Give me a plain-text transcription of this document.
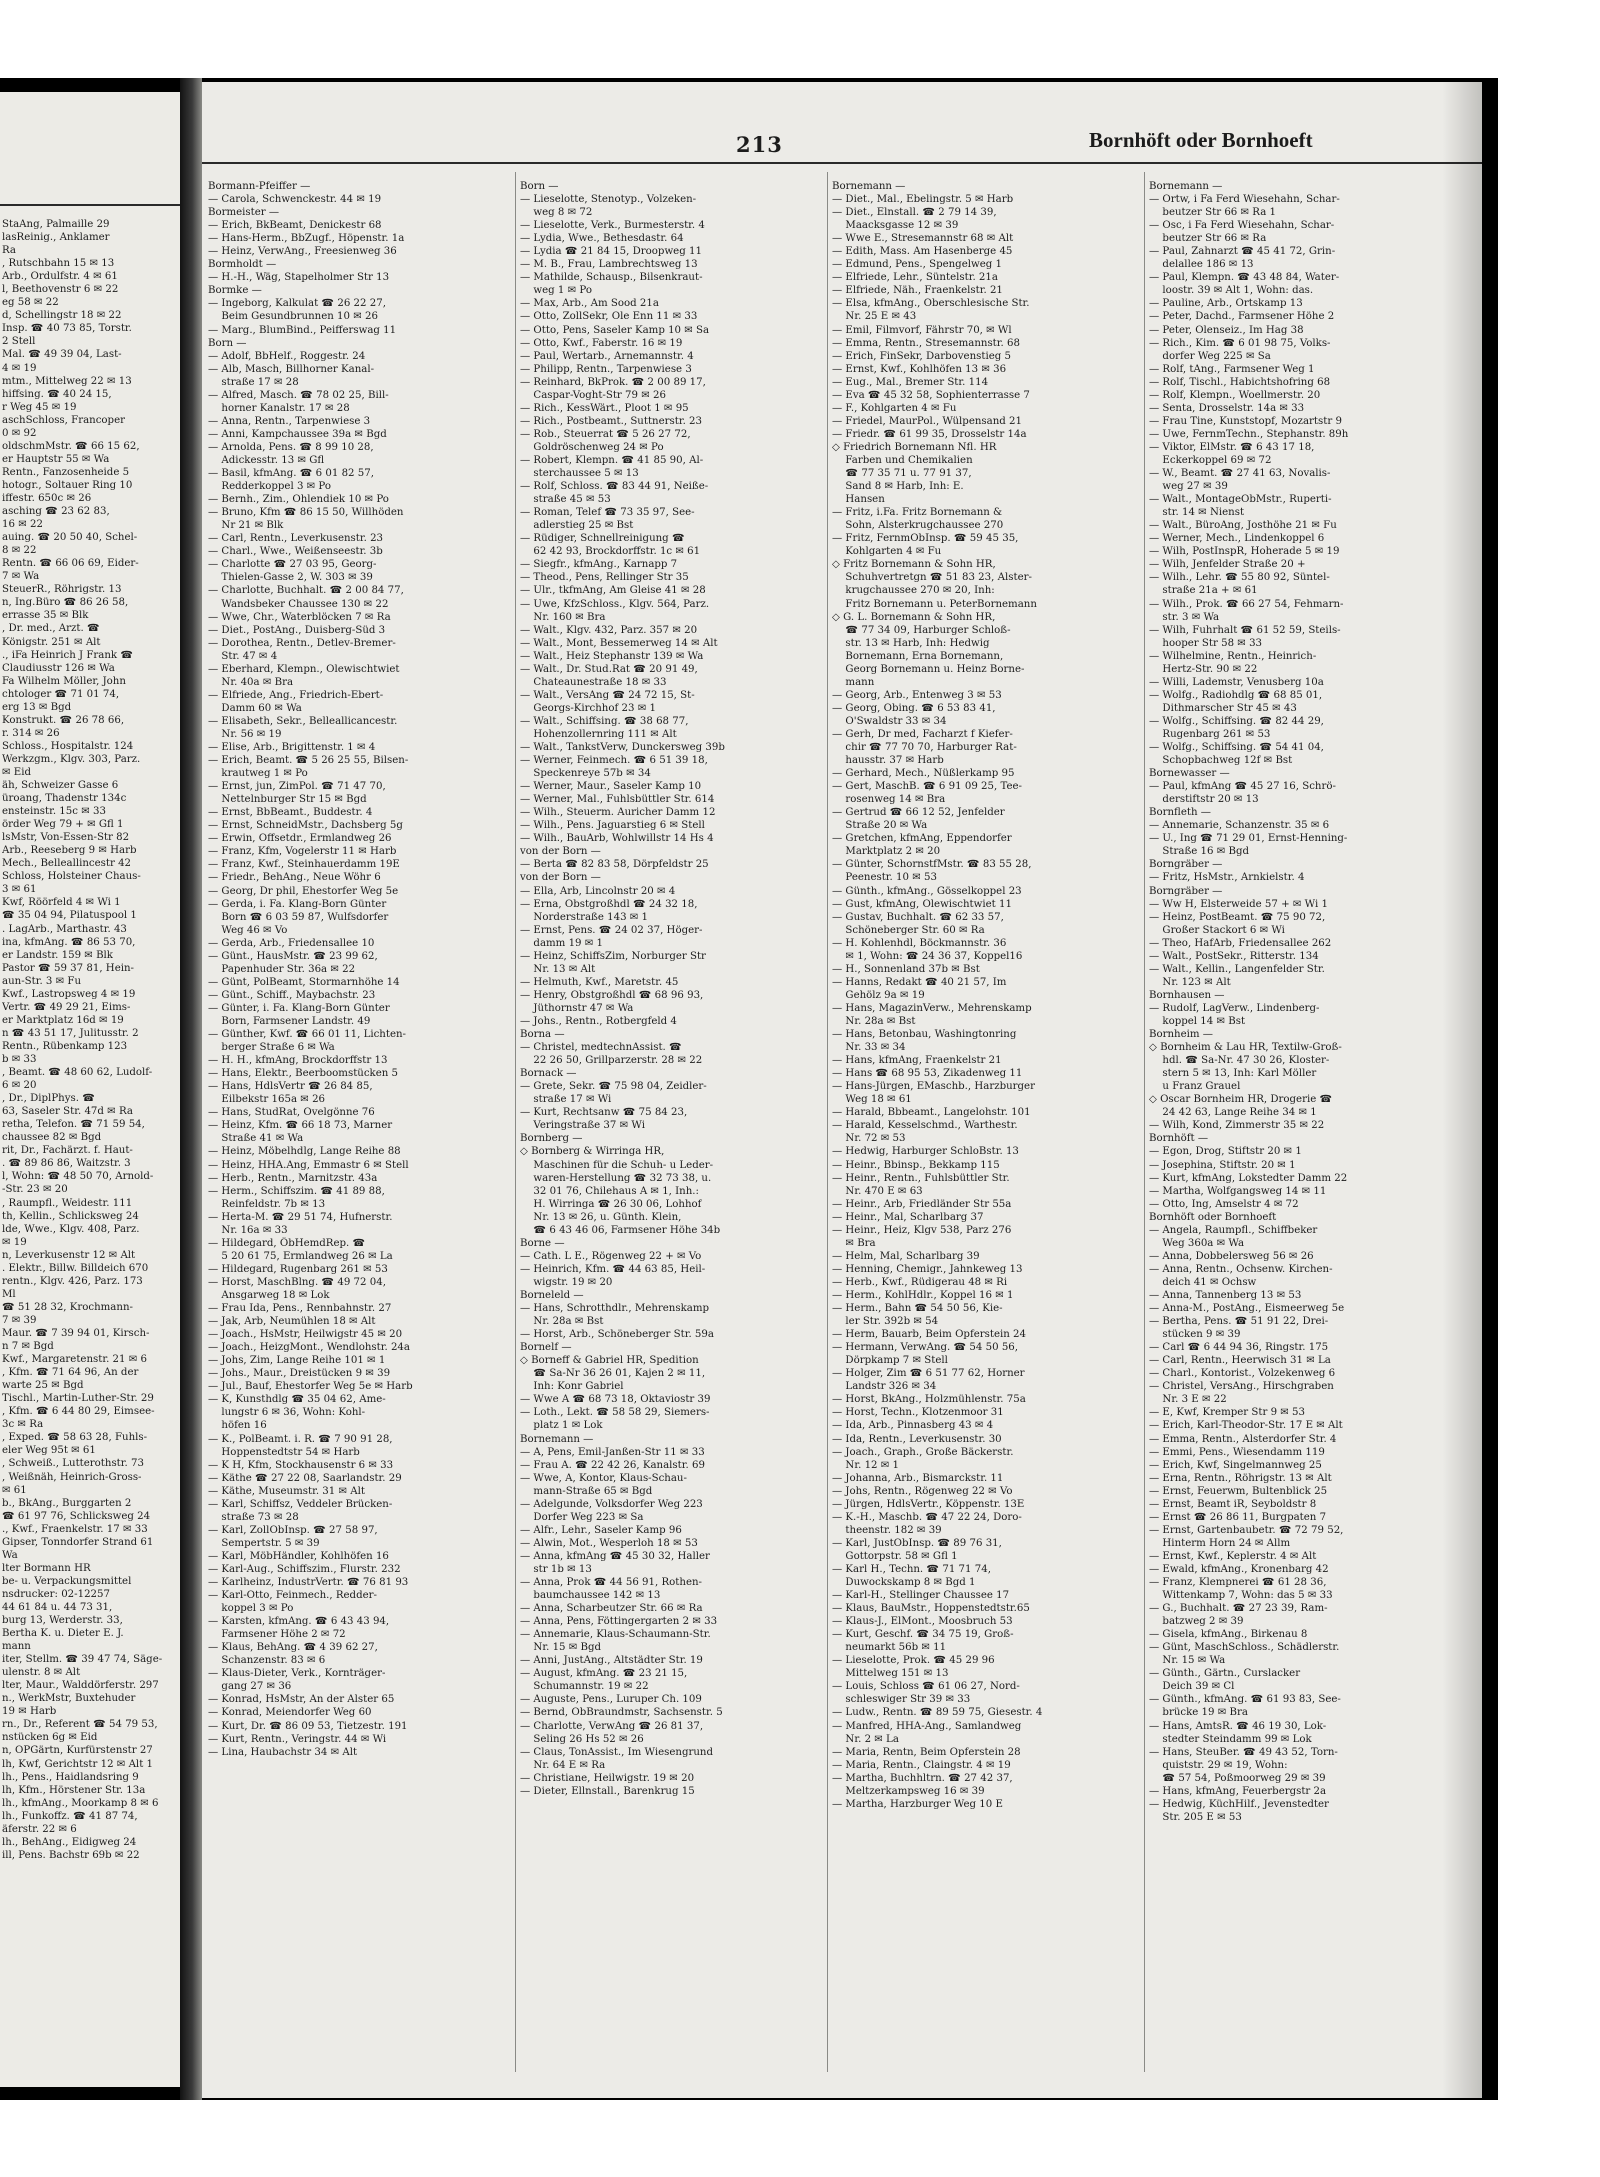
StaAng, Palmaille 29
lasReinig., Anklamer
Ra
, Rutschbahn 15 ✉ 13
Arb., Ordulfstr. 4 ✉ 61
l, Beethovenstr 6 ✉ 22
eg 58 ✉ 22
d, Schellingstr 18 ✉ 22
Insp. ☎ 40 73 85, Torstr.
2 Stell
Mal. ☎ 49 39 04, Last-
4 ✉ 19
mtm., Mittelweg 22 ✉ 13
hiffsing. ☎ 40 24 15,
r Weg 45 ✉ 19
aschSchloss, Francoper
0 ✉ 92
oldschmMstr. ☎ 66 15 62,
er Hauptstr 55 ✉ Wa
Rentn., Fanzosenheide 5
hotogr., Soltauer Ring 10
iffestr. 650c ✉ 26
asching ☎ 23 62 83,
16 ✉ 22
auing. ☎ 20 50 40, Schel-
8 ✉ 22
Rentn. ☎ 66 06 69, Eider-
7 ✉ Wa
SteuerR., Röhrigstr. 13
n, Ing.Büro ☎ 86 26 58,
errasse 35 ✉ Blk
, Dr. med., Arzt. ☎
Königstr. 251 ✉ Alt
., iFa Heinrich J Frank ☎
Claudiusstr 126 ✉ Wa
Fa Wilhelm Möller, John
chtologer ☎ 71 01 74,
erg 13 ✉ Bgd
Konstrukt. ☎ 26 78 66,
r. 314 ✉ 26
Schloss., Hospitalstr. 124
Werkzgm., Klgv. 303, Parz.
✉ Eid
äh, Schweizer Gasse 6
üroang, Thadenstr 134c
ensteinstr. 15c ✉ 33
örder Weg 79 + ✉ Gfl 1
lsMstr, Von-Essen-Str 82
Arb., Reeseberg 9 ✉ Harb
Mech., Belleallincestr 42
Schloss, Holsteiner Chaus-
3 ✉ 61
Kwf, Röörfeld 4 ✉ Wi 1
☎ 35 04 94, Pilatuspool 1
. LagArb., Marthastr. 43
ina, kfmAng. ☎ 86 53 70,
er Landstr. 159 ✉ Blk
Pastor ☎ 59 37 81, Hein-
aun-Str. 3 ✉ Fu
Kwf., Lastropsweg 4 ✉ 19
Vertr. ☎ 49 29 21, Eims-
er Marktplatz 16d ✉ 19
n ☎ 43 51 17, Julitusstr. 2
Rentn., Rübenkamp 123
b ✉ 33
, Beamt. ☎ 48 60 62, Ludolf-
6 ✉ 20
, Dr., DiplPhys. ☎
63, Saseler Str. 47d ✉ Ra
retha, Telefon. ☎ 71 59 54,
chaussee 82 ✉ Bgd
rit, Dr., Fachärzt. f. Haut-
. ☎ 89 86 86, Waitzstr. 3
l, Wohn: ☎ 48 50 70, Arnold-
-Str. 23 ✉ 20
, Raumpfl., Weidestr. 111
th, Kellin., Schlicksweg 24
lde, Wwe., Klgv. 408, Parz.
✉ 19
n, Leverkusenstr 12 ✉ Alt
. Elektr., Billw. Billdeich 670
rentn., Klgv. 426, Parz. 173
Ml
☎ 51 28 32, Krochmann-
7 ✉ 39
Maur. ☎ 7 39 94 01, Kirsch-
n 7 ✉ Bgd
Kwf., Margaretenstr. 21 ✉ 6
, Kfm. ☎ 71 64 96, An der
warte 25 ✉ Bgd
Tischl., Martin-Luther-Str. 29
, Kfm. ☎ 6 44 80 29, Eimsee-
3c ✉ Ra
, Exped. ☎ 58 63 28, Fuhls-
eler Weg 95t ✉ 61
, Schweiß., Lutterothstr. 73
, Weißnäh, Heinrich-Gross-
✉ 61
b., BkAng., Burggarten 2
☎ 61 97 76, Schlicksweg 24
., Kwf., Fraenkelstr. 17 ✉ 33
Gipser, Tonndorfer Strand 61
Wa
lter Bormann HR
be- u. Verpackungsmittel
nsdrucker: 02-12257
44 61 84 u. 44 73 31,
burg 13, Werderstr. 33,
Bertha K. u. Dieter E. J.
mann
iter, Stellm. ☎ 39 47 74, Säge-
ulenstr. 8 ✉ Alt
lter, Maur., Walddörferstr. 297
n., WerkMstr, Buxtehuder
19 ✉ Harb
rn., Dr., Referent ☎ 54 79 53,
nstücken 6g ✉ Eid
n, OPGärtn, Kurfürstenstr 27
lh, Kwf, Gerichtstr 12 ✉ Alt 1
lh., Pens., Haidlandsring 9
lh, Kfm., Hörstener Str. 13a
lh., kfmAng., Moorkamp 8 ✉ 6
lh., Funkoffz. ☎ 41 87 74,
äferstr. 22 ✉ 6
lh., BehAng., Eidigweg 24
ill, Pens. Bachstr 69b ✉ 22
213	Bornhöft oder Bornhoeft
Bormann-Pfeiffer —
— Carola, Schwenckestr. 44 ✉ 19
Bormeister —
— Erich, BkBeamt, Denickestr 68
— Hans-Herm., BbZugf., Höpenstr. 1a
— Heinz, VerwAng., Freesienweg 36
Bormholdt —
— H.-H., Wäg, Stapelholmer Str 13
Bormke —
— Ingeborg, Kalkulat ☎ 26 22 27,
  Beim Gesundbrunnen 10 ✉ 26
— Marg., BlumBind., Peifferswag 11
Born —
— Adolf, BbHelf., Roggestr. 24
— Alb, Masch, Billhorner Kanal-
  straße 17 ✉ 28
— Alfred, Masch. ☎ 78 02 25, Bill-
  horner Kanalstr. 17 ✉ 28
— Anna, Rentn., Tarpenwiese 3
— Anni, Kampchaussee 39a ✉ Bgd
— Arnolda, Pens. ☎ 8 99 10 28,
  Adickesstr. 13 ✉ Gfl
— Basil, kfmAng. ☎ 6 01 82 57,
  Redderkoppel 3 ✉ Po
— Bernh., Zim., Ohlendiek 10 ✉ Po
— Bruno, Kfm ☎ 86 15 50, Willhöden
  Nr 21 ✉ Blk
— Carl, Rentn., Leverkusenstr. 23
— Charl., Wwe., Weißenseestr. 3b
— Charlotte ☎ 27 03 95, Georg-
  Thielen-Gasse 2, W. 303 ✉ 39
— Charlotte, Buchhalt. ☎ 2 00 84 77,
  Wandsbeker Chaussee 130 ✉ 22
— Wwe, Chr., Waterblöcken 7 ✉ Ra
— Diet., PostAng., Duisberg-Süd 3
— Dorothea, Rentn., Detlev-Bremer-
  Str. 47 ✉ 4
— Eberhard, Klempn., Olewischtwiet
  Nr. 40a ✉ Bra
— Elfriede, Ang., Friedrich-Ebert-
  Damm 60 ✉ Wa
— Elisabeth, Sekr., Belleallicancestr.
  Nr. 56 ✉ 19
— Elise, Arb., Brigittenstr. 1 ✉ 4
— Erich, Beamt. ☎ 5 26 25 55, Bilsen-
  krautweg 1 ✉ Po
— Ernst, jun, ZimPol. ☎ 71 47 70,
  Nettelnburger Str 15 ✉ Bgd
— Ernst, BbBeamt., Buddestr. 4
— Ernst, SchneidMstr., Dachsberg 5g
— Erwin, Offsetdr., Ermlandweg 26
— Franz, Kfm, Vogelerstr 11 ✉ Harb
— Franz, Kwf., Steinhauerdamm 19E
— Friedr., BehAng., Neue Wöhr 6
— Georg, Dr phil, Ehestorfer Weg 5e
— Gerda, i. Fa. Klang-Born Günter
  Born ☎ 6 03 59 87, Wulfsdorfer
  Weg 46 ✉ Vo
— Gerda, Arb., Friedensallee 10
— Günt., HausMstr. ☎ 23 99 62,
  Papenhuder Str. 36a ✉ 22
— Günt, PolBeamt, Stormarnhöhe 14
— Günt., Schiff., Maybachstr. 23
— Günter, i. Fa. Klang-Born Günter
  Born, Farmsener Landstr. 49
— Günther, Kwf. ☎ 66 01 11, Lichten-
  berger Straße 6 ✉ Wa
— H. H., kfmAng, Brockdorffstr 13
— Hans, Elektr., Beerboomstücken 5
— Hans, HdlsVertr ☎ 26 84 85,
  Eilbekstr 165a ✉ 26
— Hans, StudRat, Ovelgönne 76
— Heinz, Kfm. ☎ 66 18 73, Marner
  Straße 41 ✉ Wa
— Heinz, Möbelhdlg, Lange Reihe 88
— Heinz, HHA.Ang, Emmastr 6 ✉ Stell
— Herb., Rentn., Marnitzstr. 43a
— Herm., Schiffszim. ☎ 41 89 88,
  Reinfeldstr. 7b ✉ 13
— Herta-M. ☎ 29 51 74, Hufnerstr.
  Nr. 16a ✉ 33
— Hildegard, ÖbHemdRep. ☎
  5 20 61 75, Ermlandweg 26 ✉ La
— Hildegard, Rugenbarg 261 ✉ 53
— Horst, MaschBlng. ☎ 49 72 04,
  Ansgarweg 18 ✉ Lok
— Frau Ida, Pens., Rennbahnstr. 27
— Jak, Arb, Neumühlen 18 ✉ Alt
— Joach., HsMstr, Heilwigstr 45 ✉ 20
— Joach., HeizgMont., Wendlohstr. 24a
— Johs, Zim, Lange Reihe 101 ✉ 1
— Johs., Maur., Dreistücken 9 ✉ 39
— Jul., Bauf, Ehestorfer Weg 5e ✉ Harb
— K, Kunsthdlg ☎ 35 04 62, Ame-
  lungstr 6 ✉ 36, Wohn: Kohl-
  höfen 16
— K., PolBeamt. i. R. ☎ 7 90 91 28,
  Hoppenstedtstr 54 ✉ Harb
— K H, Kfm, Stockhausenstr 6 ✉ 33
— Käthe ☎ 27 22 08, Saarlandstr. 29
— Käthe, Museumstr. 31 ✉ Alt
— Karl, Schiffsz, Veddeler Brücken-
  straße 73 ✉ 28
— Karl, ZollObInsp. ☎ 27 58 97,
  Sempertstr. 5 ✉ 39
— Karl, MöbHändler, Kohlhöfen 16
— Karl-Aug., Schiffszim., Flurstr. 232
— Karlheinz, IndustrVertr. ☎ 76 81 93
— Karl-Otto, Feinmech., Redder-
  koppel 3 ✉ Po
— Karsten, kfmAng. ☎ 6 43 43 94,
  Farmsener Höhe 2 ✉ 72
— Klaus, BehAng. ☎ 4 39 62 27,
  Schanzenstr. 83 ✉ 6
— Klaus-Dieter, Verk., Kornträger-
  gang 27 ✉ 36
— Konrad, HsMstr, An der Alster 65
— Konrad, Meiendorfer Weg 60
— Kurt, Dr. ☎ 86 09 53, Tietzestr. 191
— Kurt, Rentn., Veringstr. 44 ✉ Wi
— Lina, Haubachstr 34 ✉ Alt
Born —
— Lieselotte, Stenotyp., Volzeken-
  weg 8 ✉ 72
— Lieselotte, Verk., Burmesterstr. 4
— Lydia, Wwe., Bethesdastr. 64
— Lydia ☎ 21 84 15, Droopweg 11
— M. B., Frau, Lambrechtsweg 13
— Mathilde, Schausp., Bilsenkraut-
  weg 1 ✉ Po
— Max, Arb., Am Sood 21a
— Otto, ZollSekr, Ole Enn 11 ✉ 33
— Otto, Pens, Saseler Kamp 10 ✉ Sa
— Otto, Kwf., Faberstr. 16 ✉ 19
— Paul, Wertarb., Arnemannstr. 4
— Philipp, Rentn., Tarpenwiese 3
— Reinhard, BkProk. ☎ 2 00 89 17,
  Caspar-Voght-Str 79 ✉ 26
— Rich., KessWärt., Ploot 1 ✉ 95
— Rich., Postbeamt., Suttnerstr. 23
— Rob., Steuerrat ☎ 5 26 27 72,
  Goldröschenweg 24 ✉ Po
— Robert, Klempn. ☎ 41 85 90, Al-
  sterchaussee 5 ✉ 13
— Rolf, Schloss. ☎ 83 44 91, Neiße-
  straße 45 ✉ 53
— Roman, Telef ☎ 73 35 97, See-
  adlerstieg 25 ✉ Bst
— Rüdiger, Schnellreinigung ☎
  62 42 93, Brockdorffstr. 1c ✉ 61
— Siegfr., kfmAng., Karnapp 7
— Theod., Pens, Rellinger Str 35
— Ulr., tkfmAng, Am Gleise 41 ✉ 28
— Uwe, KfzSchloss., Klgv. 564, Parz.
  Nr. 160 ✉ Bra
— Walt., Klgv. 432, Parz. 357 ✉ 20
— Walt., Mont, Bessemerweg 14 ✉ Alt
— Walt., Heiz Stephanstr 139 ✉ Wa
— Walt., Dr. Stud.Rat ☎ 20 91 49,
  Chateaunestraße 18 ✉ 33
— Walt., VersAng ☎ 24 72 15, St-
  Georgs-Kirchhof 23 ✉ 1
— Walt., Schiffsing. ☎ 38 68 77,
  Hohenzollernring 111 ✉ Alt
— Walt., TankstVerw, Dunckersweg 39b
— Werner, Feinmech. ☎ 6 51 39 18,
  Speckenreye 57b ✉ 34
— Werner, Maur., Saseler Kamp 10
— Werner, Mal., Fuhlsbüttler Str. 614
— Wilh., Steuerm. Auricher Damm 12
— Wilh., Pens. Jaguarstieg 6 ✉ Stell
— Wilh., BauArb, Wohlwillstr 14 Hs 4
von der Born —
— Berta ☎ 82 83 58, Dörpfeldstr 25
von der Born —
— Ella, Arb, Lincolnstr 20 ✉ 4
— Erna, Obstgroßhdl ☎ 24 32 18,
  Norderstraße 143 ✉ 1
— Ernst, Pens. ☎ 24 02 37, Höger-
  damm 19 ✉ 1
— Heinz, SchiffsZim, Norburger Str
  Nr. 13 ✉ Alt
— Helmuth, Kwf., Maretstr. 45
— Henry, Obstgroßhdl ☎ 68 96 93,
  Jüthornstr 47 ✉ Wa
— Johs., Rentn., Rotbergfeld 4
Borna —
— Christel, medtechnAssist. ☎
  22 26 50, Grillparzerstr. 28 ✉ 22
Bornack —
— Grete, Sekr. ☎ 75 98 04, Zeidler-
  straße 17 ✉ Wi
— Kurt, Rechtsanw ☎ 75 84 23,
  Veringstraße 37 ✉ Wi
Bornberg —
◇ Bornberg & Wirringa HR,
  Maschinen für die Schuh- u Leder-
  waren-Herstellung ☎ 32 73 38, u.
  32 01 76, Chilehaus A ✉ 1, Inh.:
  H. Wirringa ☎ 26 30 06, Lohhof
  Nr. 13 ✉ 26, u. Günth. Klein,
  ☎ 6 43 46 06, Farmsener Höhe 34b
Borne —
— Cath. L E., Rögenweg 22 + ✉ Vo
— Heinrich, Kfm. ☎ 44 63 85, Heil-
  wigstr. 19 ✉ 20
Borneleld —
— Hans, Schrotthdlr., Mehrenskamp
  Nr. 28a ✉ Bst
— Horst, Arb., Schöneberger Str. 59a
Bornelf —
◇ Borneff & Gabriel HR, Spedition
  ☎ Sa-Nr 36 26 01, Kajen 2 ✉ 11,
  Inh: Konr Gabriel
— Wwe A ☎ 68 73 18, Oktaviostr 39
— Loth., Lekt. ☎ 58 58 29, Siemers-
  platz 1 ✉ Lok
Bornemann —
— A, Pens, Emil-Janßen-Str 11 ✉ 33
— Frau A. ☎ 22 42 26, Kanalstr. 69
— Wwe, A, Kontor, Klaus-Schau-
  mann-Straße 65 ✉ Bgd
— Adelgunde, Volksdorfer Weg 223
  Dorfer Weg 223 ✉ Sa
— Alfr., Lehr., Saseler Kamp 96
— Alwin, Mot., Wesperloh 18 ✉ 53
— Anna, kfmAng ☎ 45 30 32, Haller
  str 1b ✉ 13
— Anna, Prok ☎ 44 56 91, Rothen-
  baumchaussee 142 ✉ 13
— Anna, Scharbeutzer Str. 66 ✉ Ra
— Anna, Pens, Föttingergarten 2 ✉ 33
— Annemarie, Klaus-Schaumann-Str.
  Nr. 15 ✉ Bgd
— Anni, JustAng., Altstädter Str. 19
— August, kfmAng. ☎ 23 21 15,
  Schumannstr. 19 ✉ 22
— Auguste, Pens., Luruper Ch. 109
— Bernd, ObBraundmstr, Sachsenstr. 5
— Charlotte, VerwAng ☎ 26 81 37,
  Seling 26 Hs 52 ✉ 26
— Claus, TonAssist., Im Wiesengrund
  Nr. 64 E ✉ Ra
— Christiane, Heilwigstr. 19 ✉ 20
— Dieter, Ellnstall., Barenkrug 15
Bornemann —
— Diet., Mal., Ebelingstr. 5 ✉ Harb
— Diet., Elnstall. ☎ 2 79 14 39,
  Maacksgasse 12 ✉ 39
— Wwe E., Stresemannstr 68 ✉ Alt
— Edith, Mass. Am Hasenberge 45
— Edmund, Pens., Spengelweg 1
— Elfriede, Lehr., Süntelstr. 21a
— Elfriede, Näh., Fraenkelstr. 21
— Elsa, kfmAng., Oberschlesische Str.
  Nr. 25 E ✉ 43
— Emil, Filmvorf, Fährstr 70, ✉ Wl
— Emma, Rentn., Stresemannstr. 68
— Erich, FinSekr, Darbovenstieg 5
— Ernst, Kwf., Kohlhöfen 13 ✉ 36
— Eug., Mal., Bremer Str. 114
— Eva ☎ 45 32 58, Sophienterrasse 7
— F., Kohlgarten 4 ✉ Fu
— Friedel, MaurPol., Wülpensand 21
— Friedr. ☎ 61 99 35, Drosselstr 14a
◇ Friedrich Bornemann Nfl. HR
  Farben und Chemikalien
  ☎ 77 35 71 u. 77 91 37,
  Sand 8 ✉ Harb, Inh: E.
  Hansen
— Fritz, i.Fa. Fritz Bornemann &
  Sohn, Alsterkrugchaussee 270
— Fritz, FernmObInsp. ☎ 59 45 35,
  Kohlgarten 4 ✉ Fu
◇ Fritz Bornemann & Sohn HR,
  Schuhvertretgn ☎ 51 83 23, Alster-
  krugchaussee 270 ✉ 20, Inh:
  Fritz Bornemann u. PeterBornemann
◇ G. L. Bornemann & Sohn HR,
  ☎ 77 34 09, Harburger Schloß-
  str. 13 ✉ Harb, Inh: Hedwig
  Bornemann, Erna Bornemann,
  Georg Bornemann u. Heinz Borne-
  mann
— Georg, Arb., Entenweg 3 ✉ 53
— Georg, Obing. ☎ 6 53 83 41,
  O'Swaldstr 33 ✉ 34
— Gerh, Dr med, Facharzt f Kiefer-
  chir ☎ 77 70 70, Harburger Rat-
  hausstr. 37 ✉ Harb
— Gerhard, Mech., Nüßlerkamp 95
— Gert, MaschB. ☎ 6 91 09 25, Tee-
  rosenweg 14 ✉ Bra
— Gertrud ☎ 66 12 52, Jenfelder
  Straße 20 ✉ Wa
— Gretchen, kfmAng, Eppendorfer
  Marktplatz 2 ✉ 20
— Günter, SchornstfMstr. ☎ 83 55 28,
  Peenestr. 10 ✉ 53
— Günth., kfmAng., Gösselkoppel 23
— Gust, kfmAng, Olewischtwiet 11
— Gustav, Buchhalt. ☎ 62 33 57,
  Schöneberger Str. 60 ✉ Ra
— H. Kohlenhdl, Böckmannstr. 36
  ✉ 1, Wohn: ☎ 24 36 37, Koppel16
— H., Sonnenland 37b ✉ Bst
— Hanns, Redakt ☎ 40 21 57, Im
  Gehölz 9a ✉ 19
— Hans, MagazinVerw., Mehrenskamp
  Nr. 28a ✉ Bst
— Hans, Betonbau, Washingtonring
  Nr. 33 ✉ 34
— Hans, kfmAng, Fraenkelstr 21
— Hans ☎ 68 95 53, Zikadenweg 11
— Hans-Jürgen, EMaschb., Harzburger
  Weg 18 ✉ 61
— Harald, Bbbeamt., Langelohstr. 101
— Harald, Kesselschmd., Warthestr.
  Nr. 72 ✉ 53
— Hedwig, Harburger SchloBstr. 13
— Heinr., Bbinsp., Bekkamp 115
— Heinr., Rentn., Fuhlsbüttler Str.
  Nr. 470 E ✉ 63
— Heinr., Arb, Friedländer Str 55a
— Heinr., Mal, Scharlbarg 37
— Heinr., Heiz, Klgv 538, Parz 276
  ✉ Bra
— Helm, Mal, Scharlbarg 39
— Henning, Chemigr., Jahnkeweg 13
— Herb., Kwf., Rüdigerau 48 ✉ Ri
— Herm., KohlHdlr., Koppel 16 ✉ 1
— Herm., Bahn ☎ 54 50 56, Kie-
  ler Str. 392b ✉ 54
— Herm, Bauarb, Beim Opferstein 24
— Hermann, VerwAng. ☎ 54 50 56,
  Dörpkamp 7 ✉ Stell
— Holger, Zim ☎ 6 51 77 62, Horner
  Landstr 326 ✉ 34
— Horst, BkAng., Holzmühlenstr. 75a
— Horst, Techn., Klotzenmoor 31
— Ida, Arb., Pinnasberg 43 ✉ 4
— Ida, Rentn., Leverkusenstr. 30
— Joach., Graph., Große Bäckerstr.
  Nr. 12 ✉ 1
— Johanna, Arb., Bismarckstr. 11
— Johs, Rentn., Rögenweg 22 ✉ Vo
— Jürgen, HdlsVertr., Köppenstr. 13E
— K.-H., Maschb. ☎ 47 22 24, Doro-
  theenstr. 182 ✉ 39
— Karl, JustObInsp. ☎ 89 76 31,
  Gottorpstr. 58 ✉ Gfl 1
— Karl H., Techn. ☎ 71 71 74,
  Duwockskamp 8 ✉ Bgd 1
— Karl-H., Stellinger Chaussee 17
— Klaus, BauMstr., Hoppenstedtstr.65
— Klaus-J., ElMont., Moosbruch 53
— Kurt, Geschf. ☎ 34 75 19, Groß-
  neumarkt 56b ✉ 11
— Lieselotte, Prok. ☎ 45 29 96
  Mittelweg 151 ✉ 13
— Louis, Schloss ☎ 61 06 27, Nord-
  schleswiger Str 39 ✉ 33
— Ludw., Rentn. ☎ 89 59 75, Giesestr. 4
— Manfred, HHA-Ang., Samlandweg
  Nr. 2 ✉ La
— Maria, Rentn, Beim Opferstein 28
— Maria, Rentn., Claingstr. 4 ✉ 19
— Martha, Buchhltrn. ☎ 27 42 37,
  Meltzerkampsweg 16 ✉ 39
— Martha, Harzburger Weg 10 E
Bornemann —
— Ortw, i Fa Ferd Wiesehahn, Schar-
  beutzer Str 66 ✉ Ra 1
— Osc, i Fa Ferd Wiesehahn, Schar-
  beutzer Str 66 ✉ Ra
— Paul, Zahnarzt ☎ 45 41 72, Grin-
  delallee 186 ✉ 13
— Paul, Klempn. ☎ 43 48 84, Water-
  loostr. 39 ✉ Alt 1, Wohn: das.
— Pauline, Arb., Ortskamp 13
— Peter, Dachd., Farmsener Höhe 2
— Peter, Olenseiz., Im Hag 38
— Rich., Kim. ☎ 6 01 98 75, Volks-
  dorfer Weg 225 ✉ Sa
— Rolf, tAng., Farmsener Weg 1
— Rolf, Tischl., Habichtshofring 68
— Rolf, Klempn., Woellmerstr. 20
— Senta, Drosselstr. 14a ✉ 33
— Frau Tine, Kunststopf, Mozartstr 9
— Uwe, FernmTechn., Stephanstr. 89h
— Viktor, ElMstr. ☎ 6 43 17 18,
  Eckerkoppel 69 ✉ 72
— W., Beamt. ☎ 27 41 63, Novalis-
  weg 27 ✉ 39
— Walt., MontageObMstr., Ruperti-
  str. 14 ✉ Nienst
— Walt., BüroAng, Josthöhe 21 ✉ Fu
— Werner, Mech., Lindenkoppel 6
— Wilh, PostInspR, Hoherade 5 ✉ 19
— Wilh, Jenfelder Straße 20 +
— Wilh., Lehr. ☎ 55 80 92, Süntel-
  straße 21a + ✉ 61
— Wilh., Prok. ☎ 66 27 54, Fehmarn-
  str. 3 ✉ Wa
— Wilh, Fuhrhalt ☎ 61 52 59, Steils-
  hooper Str 58 ✉ 33
— Wilhelmine, Rentn., Heinrich-
  Hertz-Str. 90 ✉ 22
— Willi, Lademstr, Venusberg 10a
— Wolfg., Radiohdlg ☎ 68 85 01,
  Dithmarscher Str 45 ✉ 43
— Wolfg., Schiffsing. ☎ 82 44 29,
  Rugenbarg 261 ✉ 53
— Wolfg., Schiffsing. ☎ 54 41 04,
  Schopbachweg 12f ✉ Bst
Bornewasser —
— Paul, kfmAng ☎ 45 27 16, Schrö-
  derstiftstr 20 ✉ 13
Bornfleth —
— Annemarie, Schanzenstr. 35 ✉ 6
— U., Ing ☎ 71 29 01, Ernst-Henning-
  Straße 16 ✉ Bgd
Borngräber —
— Fritz, HsMstr., Arnkielstr. 4
Borngräber —
— Ww H, Elsterweide 57 + ✉ Wi 1
— Heinz, PostBeamt. ☎ 75 90 72,
  Großer Stackort 6 ✉ Wi
— Theo, HafArb, Friedensallee 262
— Walt., PostSekr., Ritterstr. 134
— Walt., Kellin., Langenfelder Str.
  Nr. 123 ✉ Alt
Bornhausen —
— Rudolf, LagVerw., Lindenberg-
  koppel 14 ✉ Bst
Bornheim —
◇ Bornheim & Lau HR, Textilw-Groß-
  hdl. ☎ Sa-Nr. 47 30 26, Kloster-
  stern 5 ✉ 13, Inh: Karl Möller
  u Franz Grauel
◇ Oscar Bornheim HR, Drogerie ☎
  24 42 63, Lange Reihe 34 ✉ 1
— Wilh, Kond, Zimmerstr 35 ✉ 22
Bornhöft —
— Egon, Drog, Stiftstr 20 ✉ 1
— Josephina, Stiftstr. 20 ✉ 1
— Kurt, kfmAng, Lokstedter Damm 22
— Martha, Wolfgangsweg 14 ✉ 11
— Otto, Ing, Amselstr 4 ✉ 72
Bornhöft oder Bornhoeft
— Angela, Raumpfl., Schiffbeker
  Weg 360a ✉ Wa
— Anna, Dobbelersweg 56 ✉ 26
— Anna, Rentn., Ochsenw. Kirchen-
  deich 41 ✉ Ochsw
— Anna, Tannenberg 13 ✉ 53
— Anna-M., PostAng., Eismeerweg 5e
— Bertha, Pens. ☎ 51 91 22, Drei-
  stücken 9 ✉ 39
— Carl ☎ 6 44 94 36, Ringstr. 175
— Carl, Rentn., Heerwisch 31 ✉ La
— Charl., Kontorist., Volzekenweg 6
— Christel, VersAng., Hirschgraben
  Nr. 3 E ✉ 22
— E, Kwf, Kremper Str 9 ✉ 53
— Erich, Karl-Theodor-Str. 17 E ✉ Alt
— Emma, Rentn., Alsterdorfer Str. 4
— Emmi, Pens., Wiesendamm 119
— Erich, Kwf, Singelmannweg 25
— Erna, Rentn., Röhrigstr. 13 ✉ Alt
— Ernst, Feuerwm, Bultenblick 25
— Ernst, Beamt iR, Seyboldstr 8
— Ernst ☎ 26 86 11, Burgpaten 7
— Ernst, Gartenbaubetr. ☎ 72 79 52,
  Hinterm Horn 24 ✉ Allm
— Ernst, Kwf., Keplerstr. 4 ✉ Alt
— Ewald, kfmAng., Kronenbarg 42
— Franz, Klempnerei ☎ 61 28 36,
  Wittenkamp 7, Wohn: das 5 ✉ 33
— G., Buchhalt. ☎ 27 23 39, Ram-
  batzweg 2 ✉ 39
— Gisela, kfmAng., Birkenau 8
— Günt, MaschSchloss., Schädlerstr.
  Nr. 15 ✉ Wa
— Günth., Gärtn., Curslacker
  Deich 39 ✉ Cl
— Günth., kfmAng. ☎ 61 93 83, See-
  brücke 19 ✉ Bra
— Hans, AmtsR. ☎ 46 19 30, Lok-
  stedter Steindamm 99 ✉ Lok
— Hans, SteuBer. ☎ 49 43 52, Torn-
  quiststr. 29 ✉ 19, Wohn:
  ☎ 57 54, Poßmoorweg 29 ✉ 39
— Hans, kfmAng, Feuerbergstr 2a
— Hedwig, KüchHilf., Jevenstedter
  Str. 205 E ✉ 53
